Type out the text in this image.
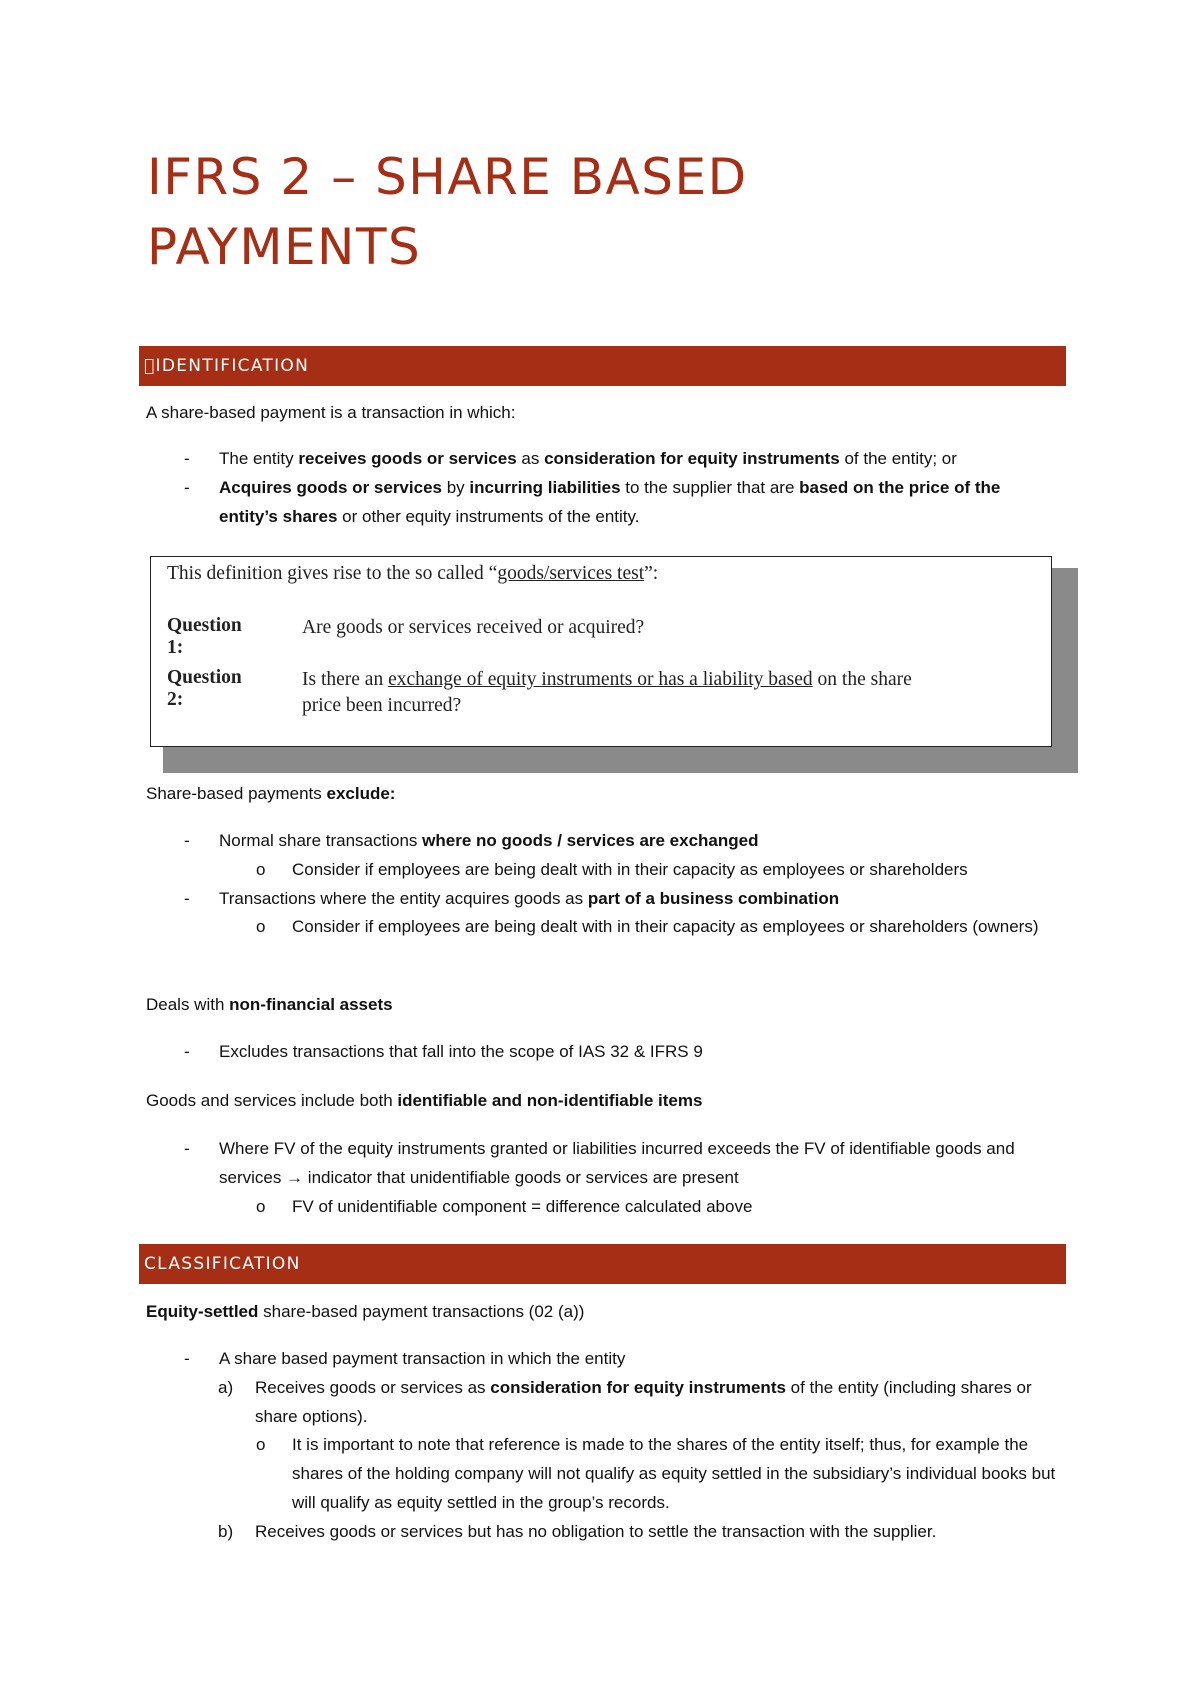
IFRS 2 – SHARE BASED PAYMENTS
IDENTIFICATION

A share-based payment is a transaction in which:

- The entity receives goods or services as consideration for equity instruments of the entity; or
- Acquires goods or services by incurring liabilities to the supplier that are based on the price of the
entity’s shares or other equity instruments of the entity.
This definition gives rise to the so called “goods/services test”:
Question 1:
Are goods or services received or acquired?
Question 2:
Is there an exchange of equity instruments or has a liability based on the share
price been incurred?

Share-based payments exclude:

- Normal share transactions where no goods / services are exchanged
o Consider if employees are being dealt with in their capacity as employees or shareholders
- Transactions where the entity acquires goods as part of a business combination
o Consider if employees are being dealt with in their capacity as employees or shareholders (owners)

Deals with non-financial assets

- Excludes transactions that fall into the scope of IAS 32 & IFRS 9

Goods and services include both identifiable and non-identifiable items

- Where FV of the equity instruments granted or liabilities incurred exceeds the FV of identifiable goods and services → indicator that unidentifiable goods or services are present
o FV of unidentifiable component = difference calculated above
CLASSIFICATION

Equity-settled share-based payment transactions (02 (a))

- A share based payment transaction in which the entity
a) Receives goods or services as consideration for equity instruments of the entity (including shares or share options).
o It is important to note that reference is made to the shares of the entity itself; thus, for example the shares of the holding company will not qualify as equity settled in the subsidiary’s individual books but will qualify as equity settled in the group’s records.
b) Receives goods or services but has no obligation to settle the transaction with the supplier.
